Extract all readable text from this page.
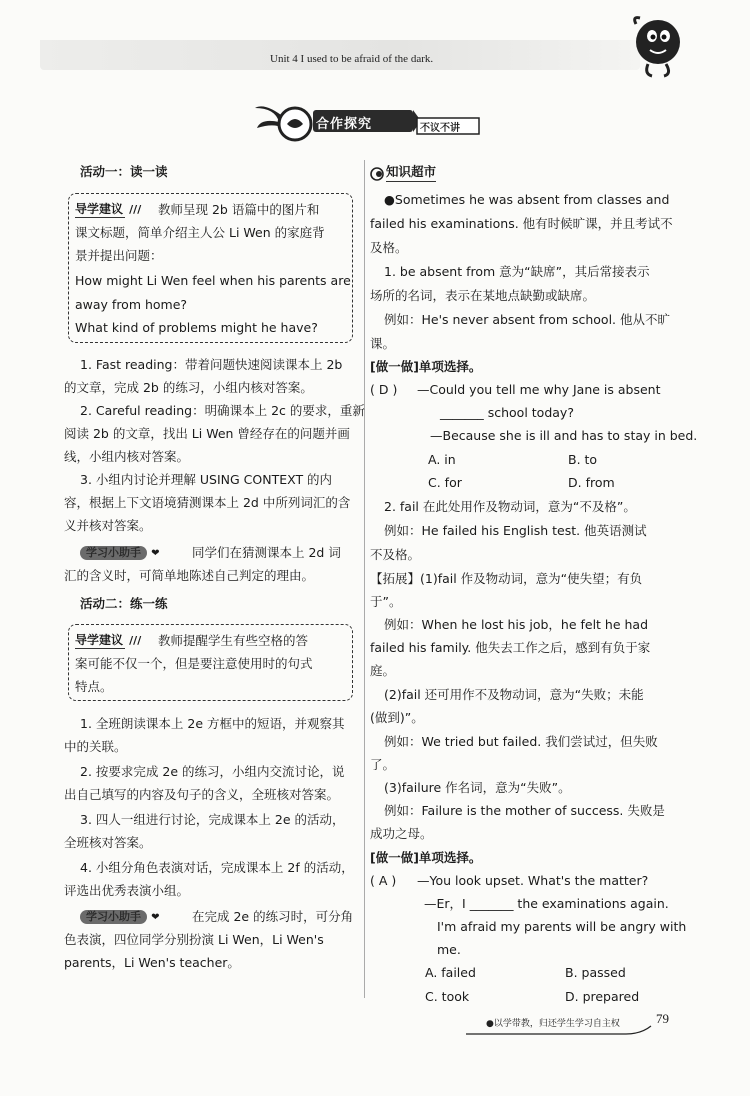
Unit 4 I used to be afraid of the dark.
合作探究	不议不讲
活动一：读一读
导学建议 /// 教师呈现 2b 语篇中的图片和
课文标题，简单介绍主人公 Li Wen 的家庭背
景并提出问题：
How might Li Wen feel when his parents are
away from home?
What kind of problems might he have?
1. Fast reading：带着问题快速阅读课本上 2b
的文章，完成 2b 的练习，小组内核对答案。
2. Careful reading：明确课本上 2c 的要求，重新
阅读 2b 的文章，找出 Li Wen 曾经存在的问题并画
线，小组内核对答案。
3. 小组内讨论并理解 USING CONTEXT 的内
容，根据上下文语境猜测课本上 2d 中所列词汇的含
义并核对答案。
学习小助手 ❤	同学们在猜测课本上 2d 词
汇的含义时，可简单地陈述自己判定的理由。
活动二：练一练
导学建议 /// 教师提醒学生有些空格的答
案可能不仅一个，但是要注意使用时的句式
特点。
1. 全班朗读课本上 2e 方框中的短语，并观察其
中的关联。
2. 按要求完成 2e 的练习，小组内交流讨论，说
出自己填写的内容及句子的含义，全班核对答案。
3. 四人一组进行讨论，完成课本上 2e 的活动，
全班核对答案。
4. 小组分角色表演对话，完成课本上 2f 的活动，
评选出优秀表演小组。
学习小助手 ❤	在完成 2e 的练习时，可分角
色表演，四位同学分别扮演 Li Wen，Li Wen's
parents，Li Wen's teacher。
知识超市
●Sometimes he was absent from classes and
failed his examinations. 他有时候旷课，并且考试不
及格。
1. be absent from 意为“缺席”，其后常接表示
场所的名词，表示在某地点缺勤或缺席。
例如：He's never absent from school. 他从不旷
课。
[做一做]单项选择。
( D ) —Could you tell me why Jane is absent
_______ school today?
—Because she is ill and has to stay in bed.
A. in	B. to
C. for	D. from
2. fail 在此处用作及物动词，意为“不及格”。
例如：He failed his English test. 他英语测试
不及格。
【拓展】(1)fail 作及物动词，意为“使失望；有负
于”。
例如：When he lost his job，he felt he had
failed his family. 他失去工作之后，感到有负于家
庭。
(2)fail 还可用作不及物动词，意为“失败；未能
(做到)”。
例如：We tried but failed. 我们尝试过，但失败
了。
(3)failure 作名词，意为“失败”。
例如：Failure is the mother of success. 失败是
成功之母。
[做一做]单项选择。
( A ) —You look upset. What's the matter?
—Er，I _______ the examinations again.
I'm afraid my parents will be angry with
me.
A. failed	B. passed
C. took	D. prepared
●以学带教，归还学生学习自主权	79
